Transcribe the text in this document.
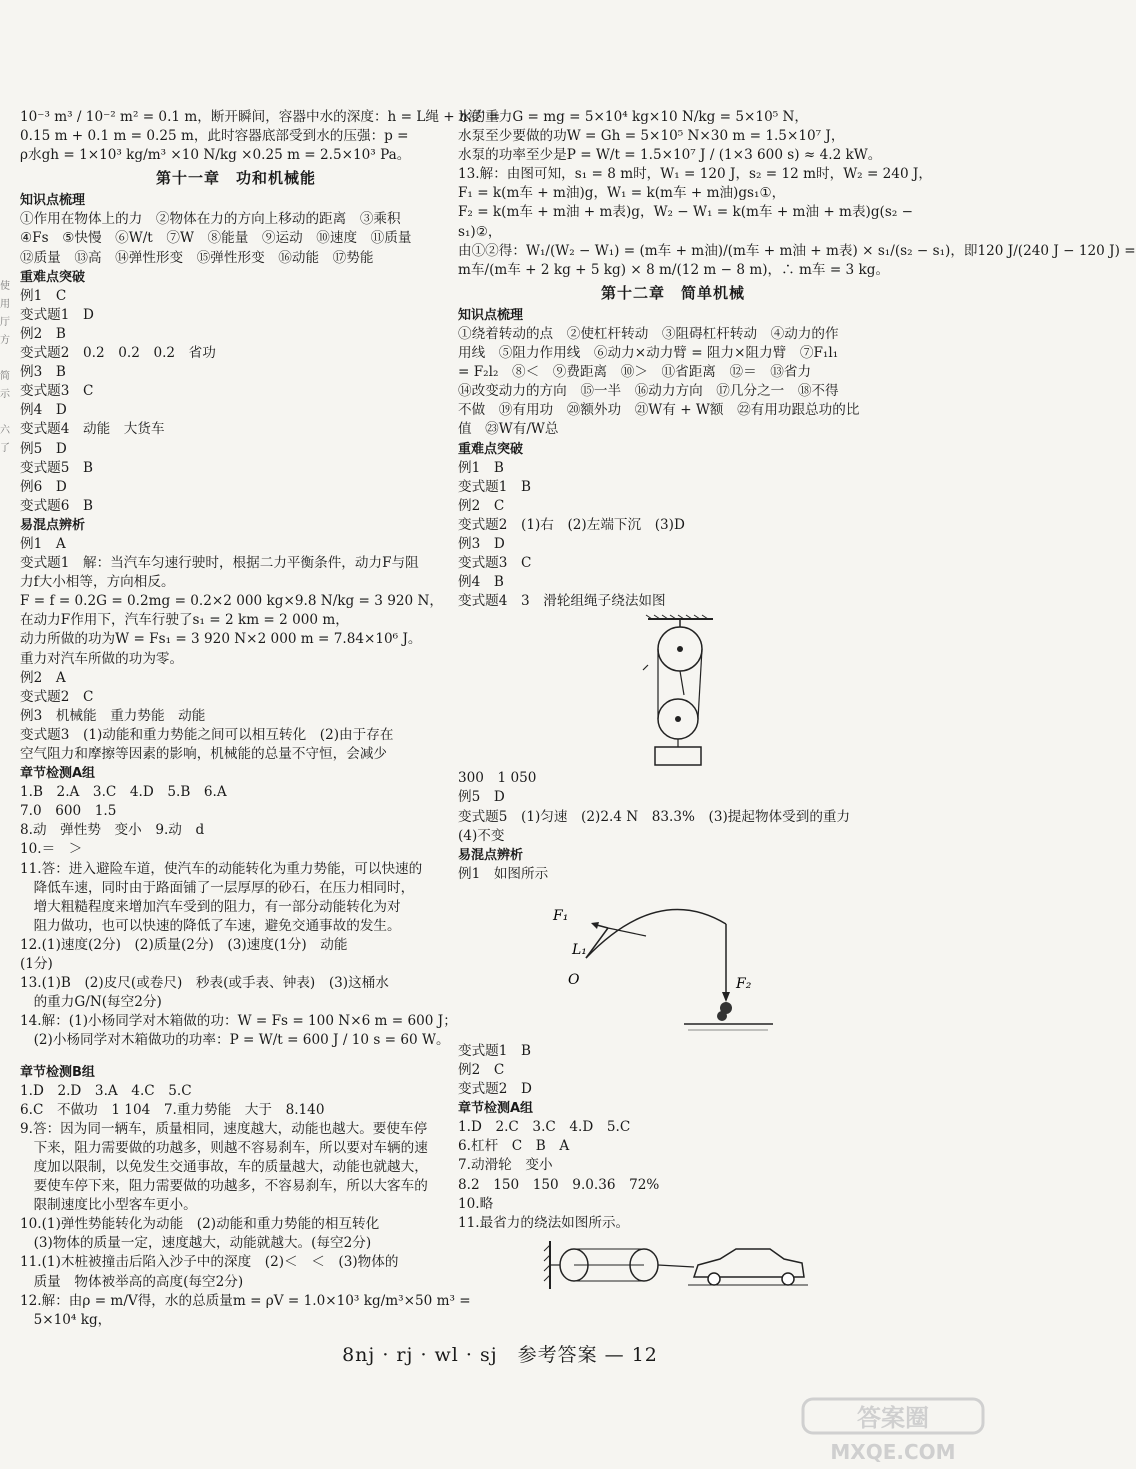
使
用
厅
方
简
示
六
了
10⁻³ m³ / 10⁻² m² = 0.1 m，断开瞬间，容器中水的深度：h = L绳 + h浸′ =
0.15 m + 0.1 m = 0.25 m，此时容器底部受到水的压强：p =
ρ水gh = 1×10³ kg/m³ ×10 N/kg ×0.25 m = 2.5×10³ Pa。
第十一章　功和机械能
知识点梳理
①作用在物体上的力　②物体在力的方向上移动的距离　③乘积
④Fs　⑤快慢　⑥W/t　⑦W　⑧能量　⑨运动　⑩速度　⑪质量
⑫质量　⑬高　⑭弹性形变　⑮弹性形变　⑯动能　⑰势能
重难点突破
例1　C
变式题1　D
例2　B
变式题2　0.2　0.2　0.2　省功
例3　B
变式题3　C
例4　D
变式题4　动能　大货车
例5　D
变式题5　B
例6　D
变式题6　B
易混点辨析
例1　A
变式题1　解：当汽车匀速行驶时，根据二力平衡条件，动力F与阻
力f大小相等，方向相反。
F = f = 0.2G = 0.2mg = 0.2×2 000 kg×9.8 N/kg = 3 920 N，
在动力F作用下，汽车行驶了s₁ = 2 km = 2 000 m，
动力所做的功为W = Fs₁ = 3 920 N×2 000 m = 7.84×10⁶ J。
重力对汽车所做的功为零。
例2　A
变式题2　C
例3　机械能　重力势能　动能
变式题3　(1)动能和重力势能之间可以相互转化　(2)由于存在
空气阻力和摩擦等因素的影响，机械能的总量不守恒，会减少
章节检测A组
1.B　2.A　3.C　4.D　5.B　6.A
7.0　600　1.5
8.动　弹性势　变小　9.动　d
10.＝　＞
11.答：进入避险车道，使汽车的动能转化为重力势能，可以快速的
　降低车速，同时由于路面铺了一层厚厚的砂石，在压力相同时，
　增大粗糙程度来增加汽车受到的阻力，有一部分动能转化为对
　阻力做功，也可以快速的降低了车速，避免交通事故的发生。
12.(1)速度(2分)　(2)质量(2分)　(3)速度(1分)　动能
(1分)
13.(1)B　(2)皮尺(或卷尺)　秒表(或手表、钟表)　(3)这桶水
　的重力G/N(每空2分)
14.解：(1)小杨同学对木箱做的功：W = Fs = 100 N×6 m = 600 J；
　(2)小杨同学对木箱做功的功率：P = W/t = 600 J / 10 s = 60 W。
章节检测B组
1.D　2.D　3.A　4.C　5.C
6.C　不做功　1 104　7.重力势能　大于　8.140
9.答：因为同一辆车，质量相同，速度越大，动能也越大。要使车停
　下来，阻力需要做的功越多，则越不容易刹车，所以要对车辆的速
　度加以限制，以免发生交通事故，车的质量越大，动能也就越大，
　要使车停下来，阻力需要做的功越多，不容易刹车，所以大客车的
　限制速度比小型客车更小。
10.(1)弹性势能转化为动能　(2)动能和重力势能的相互转化
　(3)物体的质量一定，速度越大，动能就越大。(每空2分)
11.(1)木桩被撞击后陷入沙子中的深度　(2)＜　＜　(3)物体的
　质量　物体被举高的高度(每空2分)
12.解：由ρ = m/V得，水的总质量m = ρV = 1.0×10³ kg/m³×50 m³ =
　5×10⁴ kg，
水的重力G = mg = 5×10⁴ kg×10 N/kg = 5×10⁵ N，
水泵至少要做的功W = Gh = 5×10⁵ N×30 m = 1.5×10⁷ J，
水泵的功率至少是P = W/t = 1.5×10⁷ J / (1×3 600 s) ≈ 4.2 kW。
13.解：由图可知，s₁ = 8 m时，W₁ = 120 J，s₂ = 12 m时，W₂ = 240 J，
F₁ = k(m车 + m油)g，W₁ = k(m车 + m油)gs₁①，
F₂ = k(m车 + m油 + m表)g，W₂ − W₁ = k(m车 + m油 + m表)g(s₂ −
s₁)②，
由①②得：W₁/(W₂ − W₁) = (m车 + m油)/(m车 + m油 + m表) × s₁/(s₂ − s₁)，即120 J/(240 J − 120 J) =
m车/(m车 + 2 kg + 5 kg) × 8 m/(12 m − 8 m)，∴ m车 = 3 kg。
第十二章　简单机械
知识点梳理
①绕着转动的点　②使杠杆转动　③阻碍杠杆转动　④动力的作
用线　⑤阻力作用线　⑥动力×动力臂 = 阻力×阻力臂　⑦F₁l₁
= F₂l₂　⑧＜　⑨费距离　⑩＞　⑪省距离　⑫＝　⑬省力
⑭改变动力的方向　⑮一半　⑯动力方向　⑰几分之一　⑱不得
不做　⑲有用功　⑳额外功　㉑W有 + W额　㉒有用功跟总功的比
值　㉓W有/W总
重难点突破
例1　B
变式题1　B
例2　C
变式题2　(1)右　(2)左端下沉　(3)D
例3　D
变式题3　C
例4　B
变式题4　3　滑轮组绳子绕法如图
300　1 050
例5　D
变式题5　(1)匀速　(2)2.4 N　83.3%　(3)提起物体受到的重力
(4)不变
易混点辨析
例1　如图所示
F₁
L₁
O	F₂
变式题1　B
例2　C
变式题2　D
章节检测A组
1.D　2.C　3.C　4.D　5.C
6.杠杆　C　B　A
7.动滑轮　变小
8.2　150　150　9.0.36　72%
10.略
11.最省力的绕法如图所示。
8nj · rj · wl · sj　参考答案 — 12
答案圈
MXQE.COM
